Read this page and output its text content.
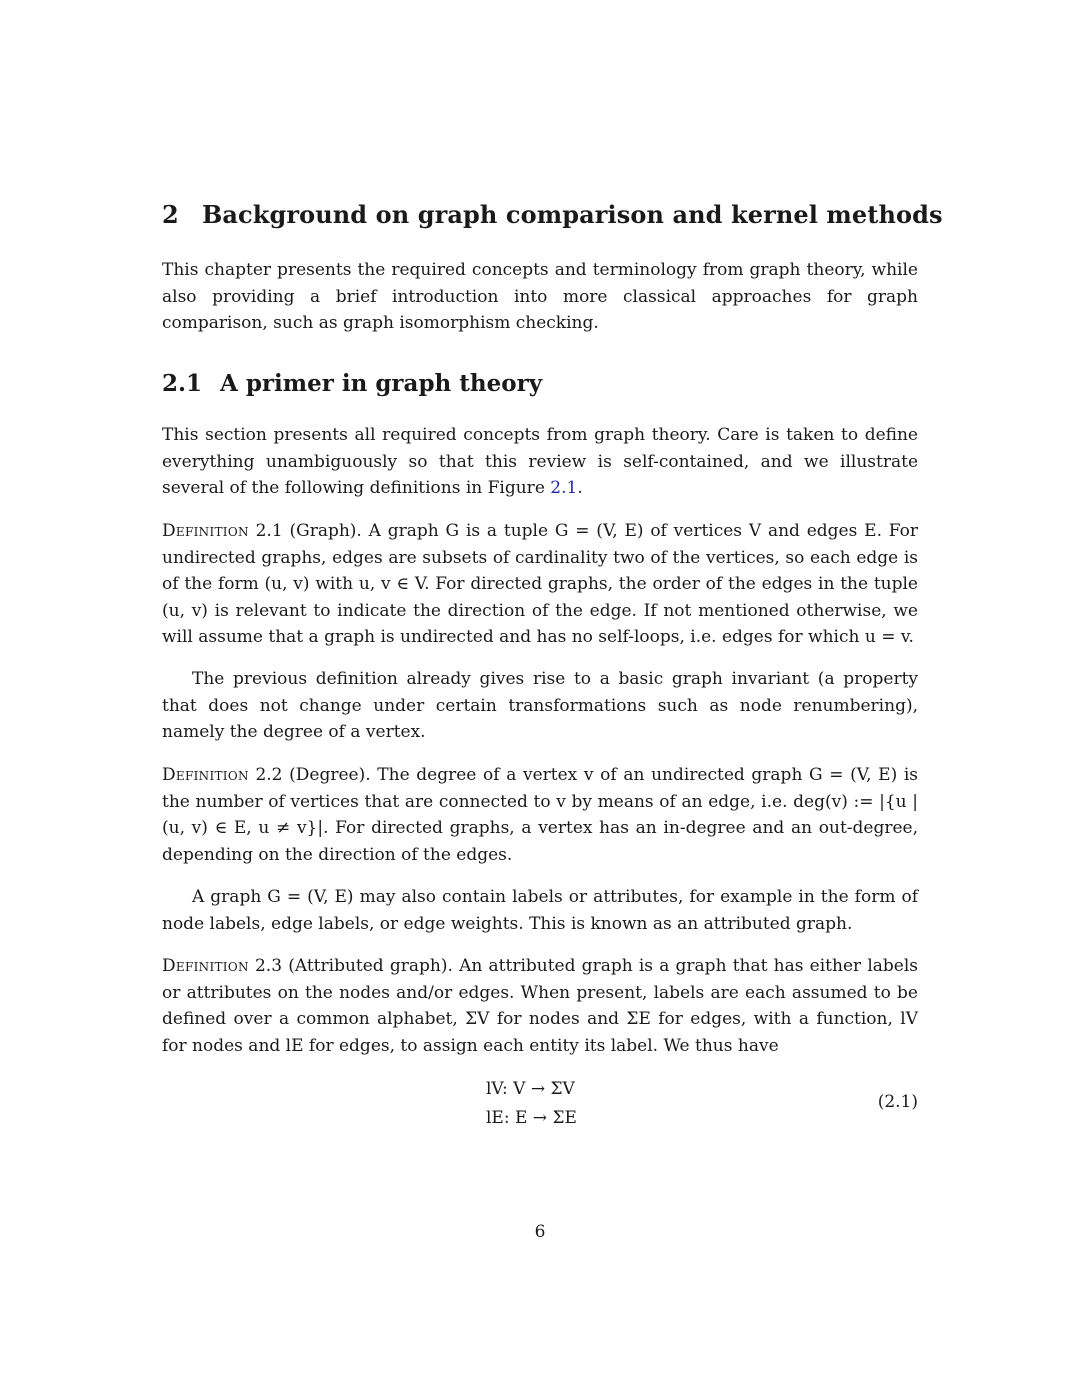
2 Background on graph comparison and kernel methods

This chapter presents the required concepts and terminology from graph theory, while also providing a brief introduction into more classical approaches for graph comparison, such as graph isomorphism checking.

2.1 A primer in graph theory

This section presents all required concepts from graph theory. Care is taken to define everything unambiguously so that this review is self-contained, and we illustrate several of the following definitions in Figure 2.1.

Definition 2.1 (Graph). A graph G is a tuple G = (V, E) of vertices V and edges E. For undirected graphs, edges are subsets of cardinality two of the vertices, so each edge is of the form (u, v) with u, v ∈ V. For directed graphs, the order of the edges in the tuple (u, v) is relevant to indicate the direction of the edge. If not mentioned otherwise, we will assume that a graph is undirected and has no self-loops, i.e. edges for which u = v.

The previous definition already gives rise to a basic graph invariant (a property that does not change under certain transformations such as node renumbering), namely the degree of a vertex.

Definition 2.2 (Degree). The degree of a vertex v of an undirected graph G = (V, E) is the number of vertices that are connected to v by means of an edge, i.e. deg(v) := |{u | (u, v) ∈ E, u ≠ v}|. For directed graphs, a vertex has an in-degree and an out-degree, depending on the direction of the edges.

A graph G = (V, E) may also contain labels or attributes, for example in the form of node labels, edge labels, or edge weights. This is known as an attributed graph.

Definition 2.3 (Attributed graph). An attributed graph is a graph that has either labels or attributes on the nodes and/or edges. When present, labels are each assumed to be defined over a common alphabet, ΣV for nodes and ΣE for edges, with a function, lV for nodes and lE for edges, to assign each entity its label. We thus have

lV: V → ΣV
lE: E → ΣE
(2.1)
6
